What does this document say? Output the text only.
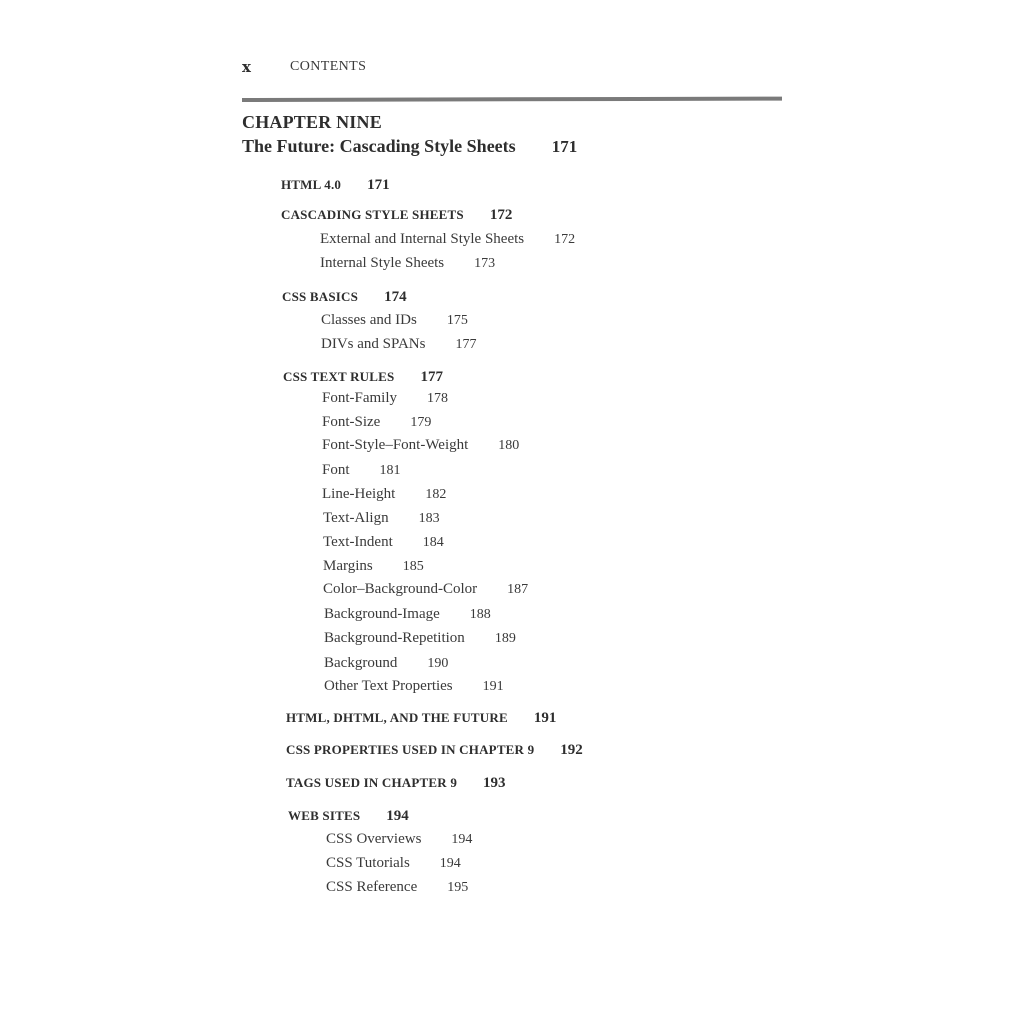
x	CONTENTS
CHAPTER NINE
The Future: Cascading Style Sheets 171
HTML 4.0 171
CASCADING STYLE SHEETS 172
External and Internal Style Sheets 172
Internal Style Sheets 173
CSS BASICS 174
Classes and IDs 175
DIVs and SPANs 177
CSS TEXT RULES 177
Font-Family 178
Font-Size 179
Font-Style–Font-Weight 180
Font 181
Line-Height 182
Text-Align 183
Text-Indent 184
Margins 185
Color–Background-Color 187
Background-Image 188
Background-Repetition 189
Background 190
Other Text Properties 191
HTML, DHTML, AND THE FUTURE 191
CSS PROPERTIES USED IN CHAPTER 9 192
TAGS USED IN CHAPTER 9 193
WEB SITES 194
CSS Overviews 194
CSS Tutorials 194
CSS Reference 195
